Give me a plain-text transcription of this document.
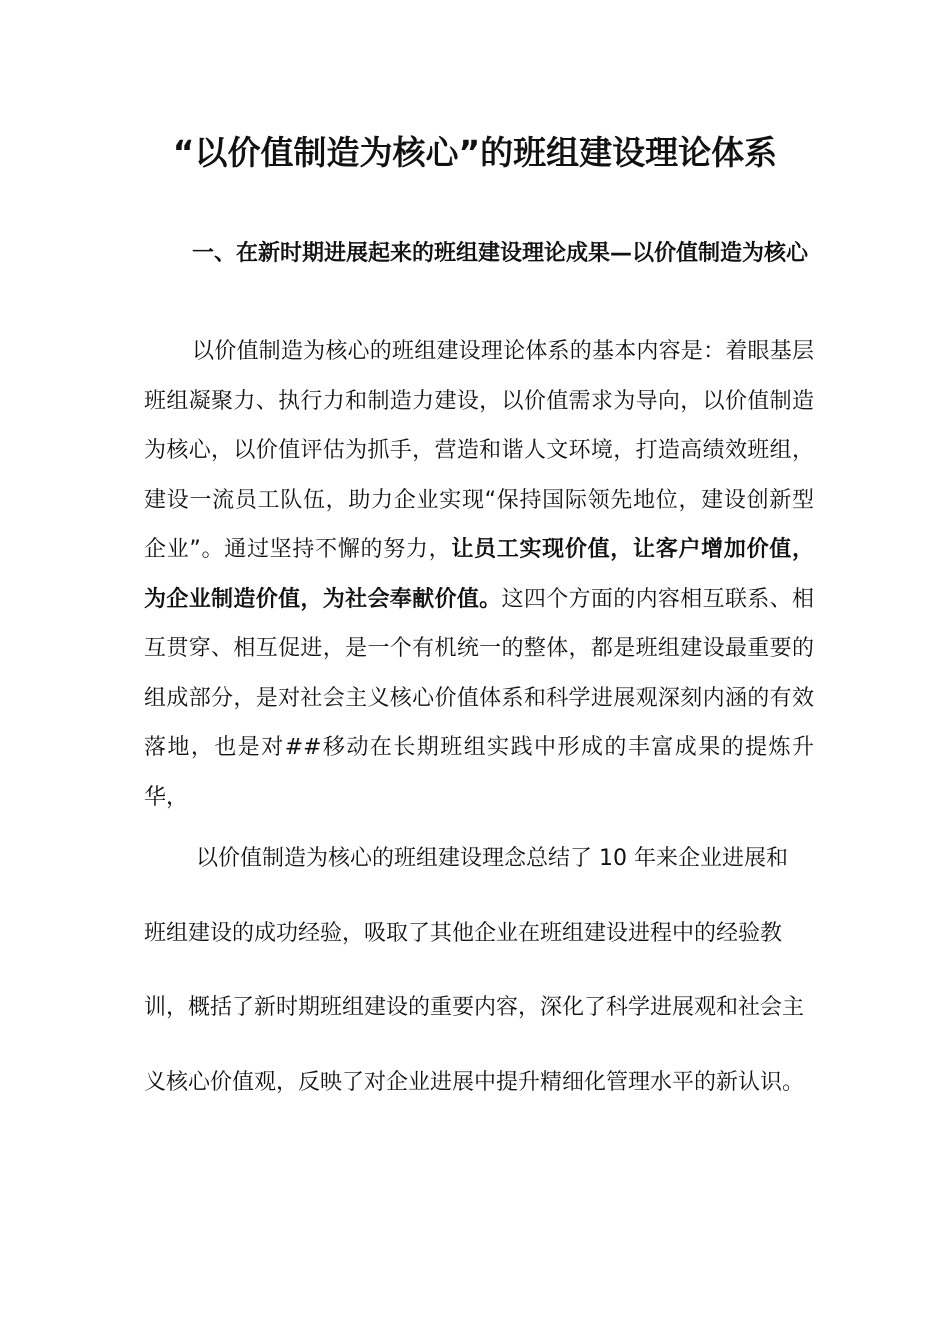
“以价值制造为核心”的班组建设理论体系
一、在新时期进展起来的班组建设理论成果—以价值制造为核心
以价值制造为核心的班组建设理论体系的基本内容是：着眼基层班组凝聚力、执行力和制造力建设，以价值需求为导向，以价值制造为核心，以价值评估为抓手，营造和谐人文环境，打造高绩效班组，建设一流员工队伍，助力企业实现“保持国际领先地位，建设创新型企业”。通过坚持不懈的努力，让员工实现价值，让客户增加价值，为企业制造价值，为社会奉献价值。这四个方面的内容相互联系、相互贯穿、相互促进，是一个有机统一的整体，都是班组建设最重要的组成部分，是对社会主义核心价值体系和科学进展观深刻内涵的有效落地，也是对##移动在长期班组实践中形成的丰富成果的提炼升华，
以价值制造为核心的班组建设理念总结了 10 年来企业进展和班组建设的成功经验，吸取了其他企业在班组建设进程中的经验教训，概括了新时期班组建设的重要内容，深化了科学进展观和社会主义核心价值观，反映了对企业进展中提升精细化管理水平的新认识。
